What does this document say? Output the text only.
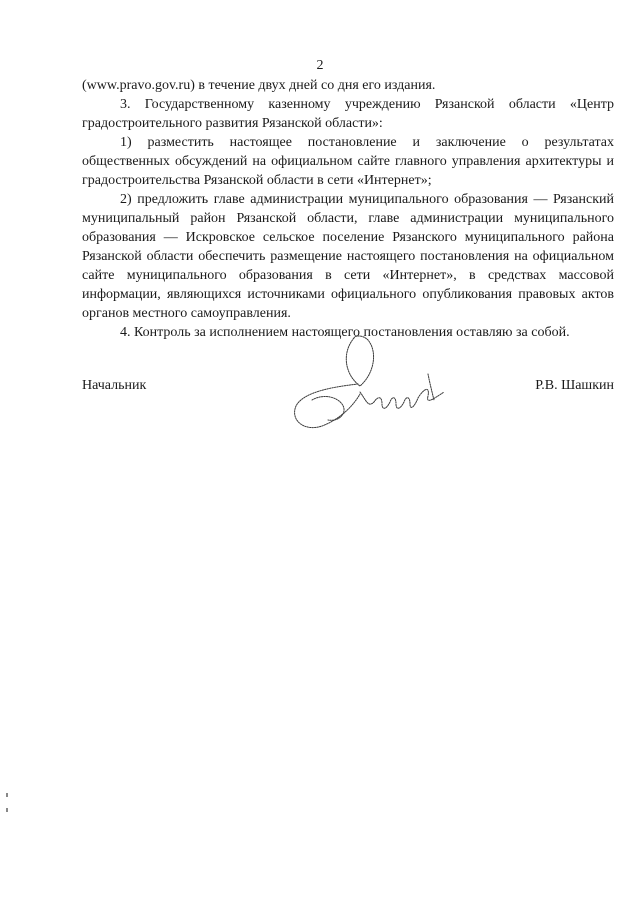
2

(www.pravo.gov.ru) в течение двух дней со дня его издания.

3. Государственному казенному учреждению Рязанской области «Центр градостроительного развития Рязанской области»:

1) разместить настоящее постановление и заключение о результатах общественных обсуждений на официальном сайте главного управления архитектуры и градостроительства Рязанской области в сети «Интернет»;

2) предложить главе администрации муниципального образования — Рязанский муниципальный район Рязанской области, главе администрации муниципального образования — Искровское сельское поселение Рязанского муниципального района Рязанской области обеспечить размещение настоящего постановления на официальном сайте муниципального образования в сети «Интернет», в средствах массовой информации, являющихся источниками официального опубликования правовых актов органов местного самоуправления.

4. Контроль за исполнением настоящего постановления оставляю за собой.

Начальник	Р.В. Шашкин
